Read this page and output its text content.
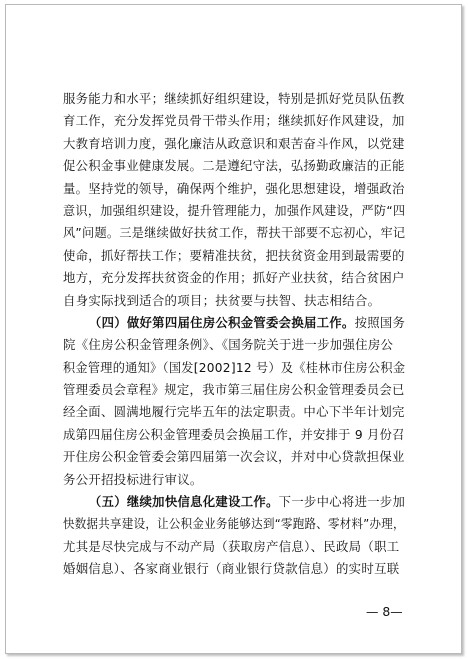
服务能力和水平；继续抓好组织建设，特别是抓好党员队伍教
育工作，充分发挥党员骨干带头作用；继续抓好作风建设，加
大教育培训力度，强化廉洁从政意识和艰苦奋斗作风，以党建
促公积金事业健康发展。二是遵纪守法，弘扬勤政廉洁的正能
量。坚持党的领导，确保两个维护，强化思想建设，增强政治
意识，加强组织建设，提升管理能力，加强作风建设，严防“四
风”问题。三是继续做好扶贫工作，帮扶干部要不忘初心，牢记
使命，抓好帮扶工作；要精准扶贫，把扶贫资金用到最需要的
地方，充分发挥扶贫资金的作用；抓好产业扶贫，结合贫困户
自身实际找到适合的项目；扶贫要与扶智、扶志相结合。
（四）做好第四届住房公积金管委会换届工作。按照国务
院《住房公积金管理条例》、《国务院关于进一步加强住房公
积金管理的通知》（国发[2002]12 号）及《桂林市住房公积金
管理委员会章程》规定，我市第三届住房公积金管理委员会已
经全面、圆满地履行完毕五年的法定职责。中心下半年计划完
成第四届住房公积金管理委员会换届工作，并安排于 9 月份召
开住房公积金管委会第四届第一次会议，并对中心贷款担保业
务公开招投标进行审议。
（五）继续加快信息化建设工作。下一步中心将进一步加
快数据共享建设，让公积金业务能够达到“零跑路、零材料”办理，
尤其是尽快完成与不动产局（获取房产信息）、民政局（职工
婚姻信息）、各家商业银行（商业银行贷款信息）的实时互联
— 8—
